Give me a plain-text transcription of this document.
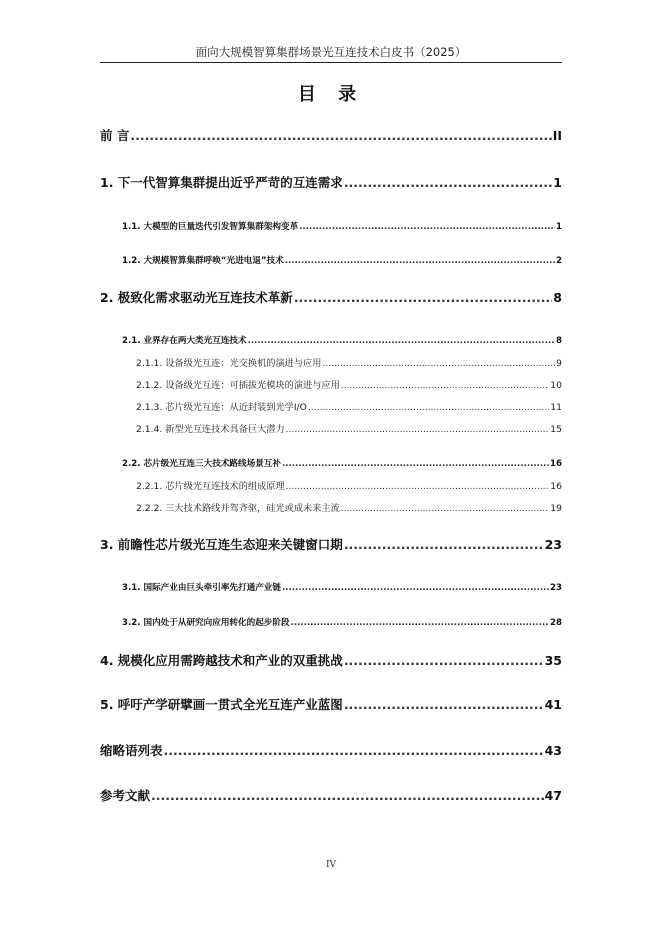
面向大规模智算集群场景光互连技术白皮书（2025）
目 录
前 言 .....	II
1. 下一代智算集群提出近乎严苛的互连需求 .....	1
1.1. 大模型的巨量迭代引发智算集群架构变革 .....	1
1.2. 大规模智算集群呼唤“光进电退”技术 .....	2
2. 极致化需求驱动光互连技术革新 .....	8
2.1. 业界存在两大类光互连技术 .....	8
2.1.1. 设备级光互连：光交换机的演进与应用 .....	9
2.1.2. 设备级光互连：可插拔光模块的演进与应用 .....	10
2.1.3. 芯片级光互连：从近封装到光学I/O .....	11
2.1.4. 新型光互连技术具备巨大潜力 .....	15
2.2. 芯片级光互连三大技术路线场景互补 .....	16
2.2.1. 芯片级光互连技术的组成原理 .....	16
2.2.2. 三大技术路线并驾齐驱，硅光或成未来主流 .....	19
3. 前瞻性芯片级光互连生态迎来关键窗口期 .....	23
3.1. 国际产业由巨头牵引率先打通产业链 .....	23
3.2. 国内处于从研究向应用转化的起步阶段 .....	28
4. 规模化应用需跨越技术和产业的双重挑战 .....	35
5. 呼吁产学研擘画一贯式全光互连产业蓝图 .....	41
缩略语列表 .....	43
参考文献 .....	47
IV
